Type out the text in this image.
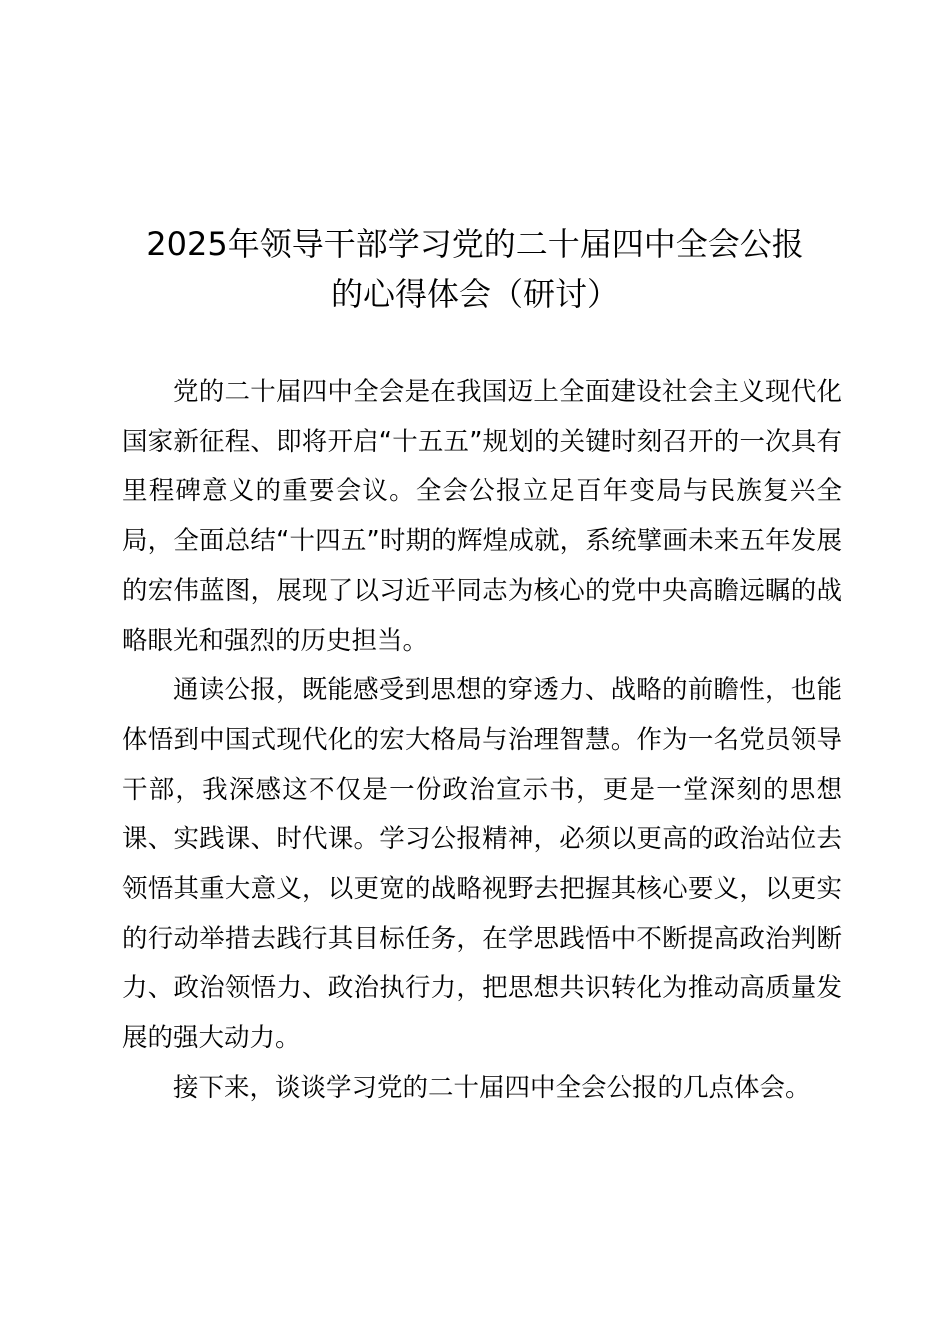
2025年领导干部学习党的二十届四中全会公报
的心得体会（研讨）

党的二十届四中全会是在我国迈上全面建设社会主义现代化国家新征程、即将开启“十五五”规划的关键时刻召开的一次具有里程碑意义的重要会议。全会公报立足百年变局与民族复兴全局，全面总结“十四五”时期的辉煌成就，系统擘画未来五年发展的宏伟蓝图，展现了以习近平同志为核心的党中央高瞻远瞩的战略眼光和强烈的历史担当。

通读公报，既能感受到思想的穿透力、战略的前瞻性，也能体悟到中国式现代化的宏大格局与治理智慧。作为一名党员领导干部，我深感这不仅是一份政治宣示书，更是一堂深刻的思想课、实践课、时代课。学习公报精神，必须以更高的政治站位去领悟其重大意义，以更宽的战略视野去把握其核心要义，以更实的行动举措去践行其目标任务，在学思践悟中不断提高政治判断力、政治领悟力、政治执行力，把思想共识转化为推动高质量发展的强大动力。

接下来，谈谈学习党的二十届四中全会公报的几点体会。
